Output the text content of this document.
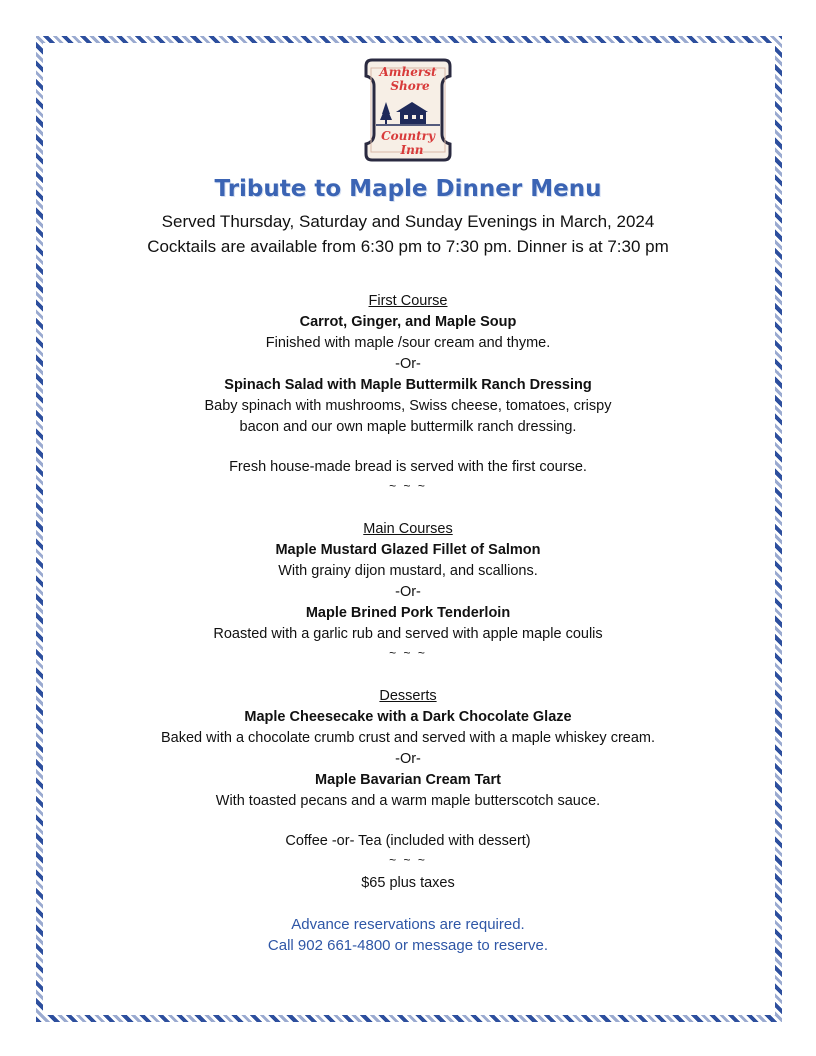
Amherst
Shore
Country
Inn
Tribute to Maple Dinner Menu
Served Thursday, Saturday and Sunday Evenings in March, 2024
Cocktails are available from 6:30 pm to 7:30 pm. Dinner is at 7:30 pm
First Course
Carrot, Ginger, and Maple Soup
Finished with maple /sour cream and thyme.
-Or-
Spinach Salad with Maple Buttermilk Ranch Dressing
Baby spinach with mushrooms, Swiss cheese, tomatoes, crispy
bacon and our own maple buttermilk ranch dressing.
Fresh house-made bread is served with the first course.
~ ~ ~
Main Courses
Maple Mustard Glazed Fillet of Salmon
With grainy dijon mustard, and scallions.
-Or-
Maple Brined Pork Tenderloin
Roasted with a garlic rub and served with apple maple coulis
~ ~ ~
Desserts
Maple Cheesecake with a Dark Chocolate Glaze
Baked with a chocolate crumb crust and served with a maple whiskey cream.
-Or-
Maple Bavarian Cream Tart
With toasted pecans and a warm maple butterscotch sauce.
Coffee -or- Tea (included with dessert)
~ ~ ~
$65 plus taxes
Advance reservations are required.
Call 902 661-4800 or message to reserve.
